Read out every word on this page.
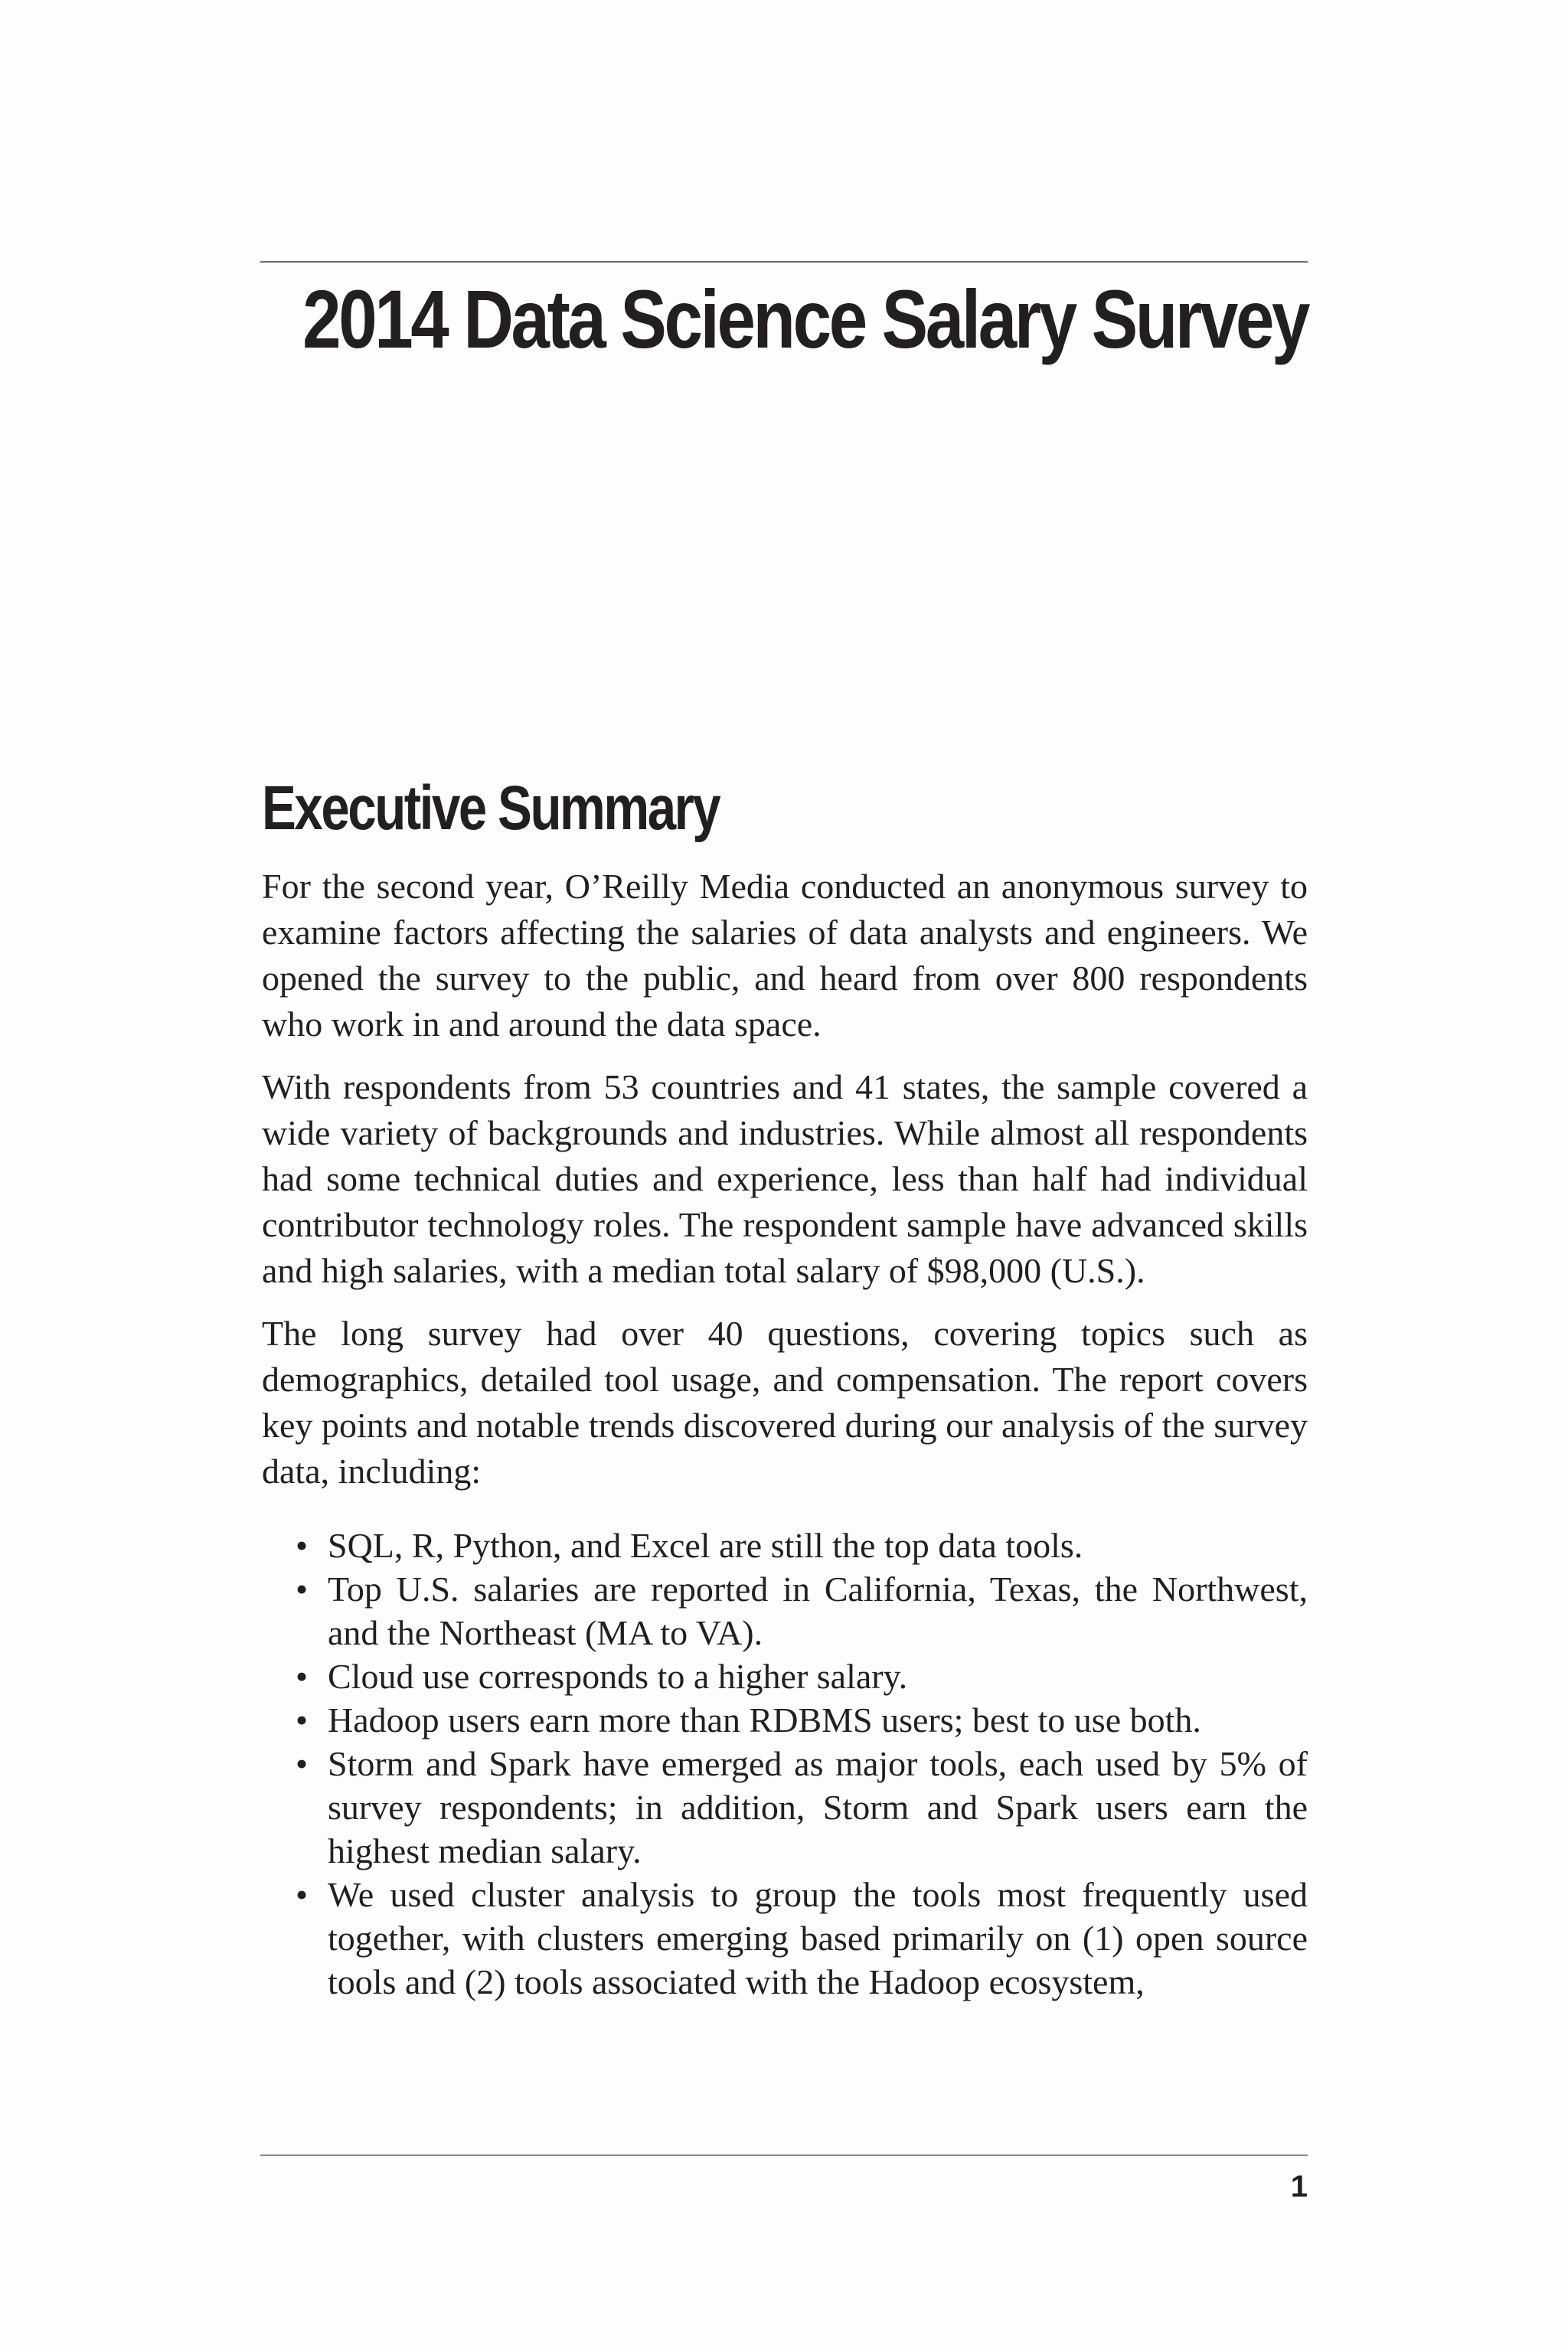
2014 Data Science Salary Survey
Executive Summary

For the second year, O’Reilly Media conducted an anonymous survey to examine factors affecting the salaries of data analysts and engineers. We opened the survey to the public, and heard from over 800 respondents who work in and around the data space.

With respondents from 53 countries and 41 states, the sample covered a wide variety of backgrounds and industries. While almost all respondents had some technical duties and experience, less than half had individual contributor technology roles. The respondent sample have advanced skills and high salaries, with a median total salary of $98,000 (U.S.).

The long survey had over 40 questions, covering topics such as demographics, detailed tool usage, and compensation. The report covers key points and notable trends discovered during our analysis of the survey data, including:

• SQL, R, Python, and Excel are still the top data tools.
• Top U.S. salaries are reported in California, Texas, the Northwest, and the Northeast (MA to VA).
• Cloud use corresponds to a higher salary.
• Hadoop users earn more than RDBMS users; best to use both.
• Storm and Spark have emerged as major tools, each used by 5% of survey respondents; in addition, Storm and Spark users earn the highest median salary.
• We used cluster analysis to group the tools most frequently used together, with clusters emerging based primarily on (1) open source tools and (2) tools associated with the Hadoop ecosystem,

1
